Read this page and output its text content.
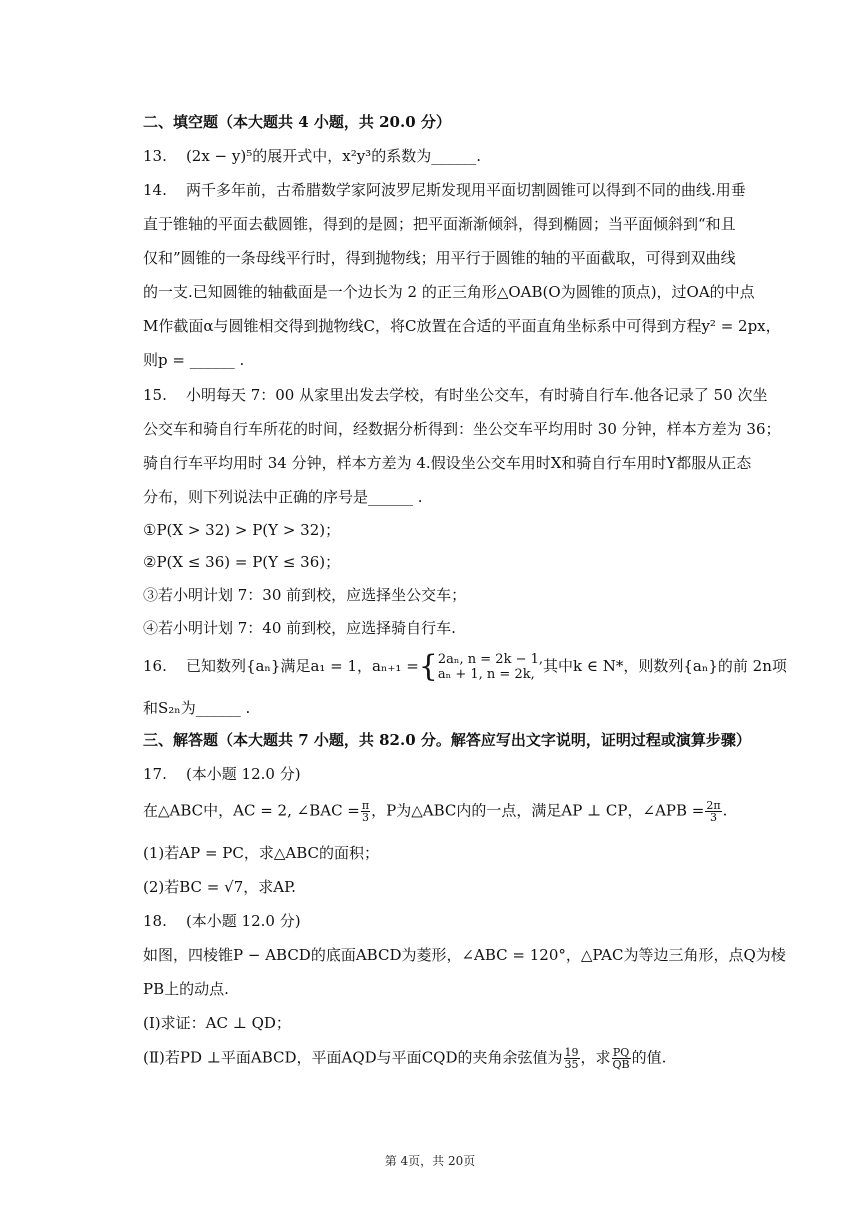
二、填空题（本大题共 4 小题，共 20.0 分）
13. (2x − y)⁵的展开式中，x²y³的系数为______.
14. 两千多年前，古希腊数学家阿波罗尼斯发现用平面切割圆锥可以得到不同的曲线.用垂
直于锥轴的平面去截圆锥，得到的是圆；把平面渐渐倾斜，得到椭圆；当平面倾斜到“和且
仅和”圆锥的一条母线平行时，得到抛物线；用平行于圆锥的轴的平面截取，可得到双曲线
的一支.已知圆锥的轴截面是一个边长为 2 的正三角形△OAB(O为圆锥的顶点)，过OA的中点
M作截面α与圆锥相交得到抛物线C，将C放置在合适的平面直角坐标系中可得到方程y² = 2px，
则p = ______ .
15. 小明每天 7：00 从家里出发去学校，有时坐公交车，有时骑自行车.他各记录了 50 次坐
公交车和骑自行车所花的时间，经数据分析得到：坐公交车平均用时 30 分钟，样本方差为 36；
骑自行车平均用时 34 分钟，样本方差为 4.假设坐公交车用时X和骑自行车用时Y都服从正态
分布，则下列说法中正确的序号是______ .
①P(X > 32) > P(Y > 32)；
②P(X ≤ 36) = P(Y ≤ 36)；
③若小明计划 7：30 前到校，应选择坐公交车；
④若小明计划 7：40 前到校，应选择骑自行车.
16. 已知数列{aₙ}满足a₁ = 1，aₙ₊₁ ={ 2aₙ, n = 2k − 1,
aₙ + 1, n = 2k, 其中k ∈ N*，则数列{aₙ}的前 2n项
和S₂ₙ为______ .
三、解答题（本大题共 7 小题，共 82.0 分。解答应写出文字说明，证明过程或演算步骤）
17. (本小题 12.0 分)
在△ABC中，AC = 2, ∠BAC = $\frac{\pi}{3}$ ，P为△ABC内的一点，满足AP ⊥ CP，∠APB = $\frac{2\pi}{3}$ .
(1)若AP = PC，求△ABC的面积；
(2)若BC = √7，求AP.
18. (本小题 12.0 分)
如图，四棱锥P − ABCD的底面ABCD为菱形，∠ABC = 120°，△PAC为等边三角形，点Q为棱
PB上的动点.
(Ⅰ)求证：AC ⊥ QD；
(Ⅱ)若PD ⊥平面ABCD，平面AQD与平面CQD的夹角余弦值为 $\frac{19}{35}$ ，求 $\frac{PQ}{QB}$ 的值.
第 4页，共 20页
